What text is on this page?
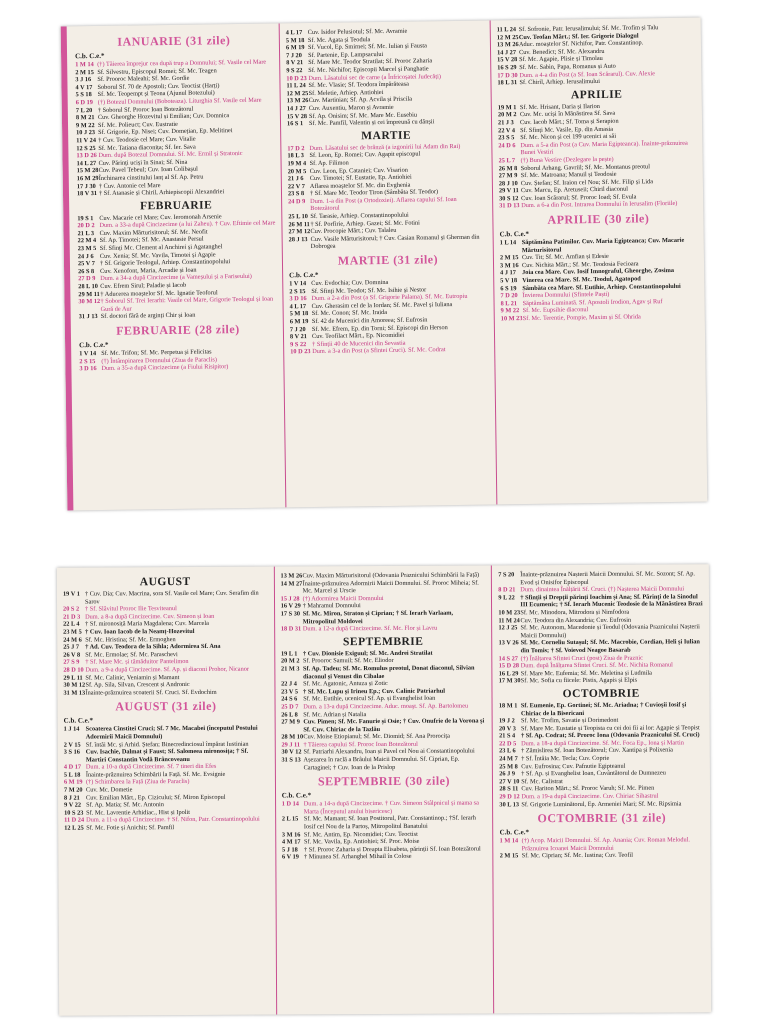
IANUARIE (31 zile)
C.b. C.e.*
1 M 14 (†) Tăierea împrejur cea după trup a Domnului; Sf. Vasile cel Mare
2 M 15 Sf. Silvestru, Episcopul Romei; Sf. Mc. Teagen
3 J 16 Sf. Prooroc Maleahi; Sf. Mc. Gordie
4 V 17 Soborul Sf. 70 de Apostoli; Cuv. Teoctist (Harți)
5 S 18 Sf. Mc. Teopempt și Teona (Ajunul Botezului)
6 D 19 (†) Botezul Domnului (Boboteaza). Liturghia Sf. Vasile cel Mare
7 L 20 † Soborul Sf. Proroc Ioan Botezătorul
8 M 21 Cuv. Gheorghe Hozevitul și Emilian; Cuv. Domnica
9 M 22 Sf. Mc. Polieuct; Cuv. Eustratie
10 J 23 Sf. Grigorie, Ep. Nisei; Cuv. Domețian, Ep. Melitinei
11 V 24 † Cuv. Teodosie cel Mare; Cuv. Vitalie
12 S 25 Sf. Mc. Tatiana diaconița; Sf. Ier. Sava
13 D 26 Dum. după Botezul Domnului. Sf. Mc. Ermil și Stratonic
14 L 27 Cuv. Părinți uciși în Sinai; Sf. Nina
15 M 28 Cuv. Pavel Tebeul; Cuv. Ioan Colibașul
16 M 29 Închinarea cinstitului lanț al Sf. Ap. Petru
17 J 30 † Cuv. Antonie cel Mare
18 V 31 † Sf. Atanasie și Chiril, Arhiepiscopii Alexandriei
FEBRUARIE
19 S 1 Cuv. Macarie cel Mare; Cuv. Ieromonah Arsenie
20 D 2 Dum. a 33-a după Cincizecime (a lui Zaheu). † Cuv. Eftimie cel Mare
21 L 3 Cuv. Maxim Mărturisitorul; Sf. Mc. Neofit
22 M 4 Sf. Ap. Timotei; Sf. Mc. Anastasie Persul
23 M 5 Sf. Sfinți Mc. Clement al Anchirei și Agatanghel
24 J 6 Cuv. Xenia; Sf. Mc. Vavila, Timotei și Agapie
25 V 7 † Sf. Grigorie Teologul, Arhiep. Constantinopolului
26 S 8 Cuv. Xenofont, Maria, Arcadie și Ioan
27 D 9 Dum. a 34-a după Cincizecime (a Vameșului și a Fariseului)
28 L 10 Cuv. Efrem Sirul; Paladie și Iacob
29 M 11 † Aducerea moaștelor Sf. Mc. Ignatie Teoforul
30 M 12 † Soborul Sf. Trei Ierarhi: Vasile cel Mare, Grigorie Teologul și Ioan Gură de Aur
31 J 13 Sf. doctori fără de arginți Chir și Ioan
FEBRUARIE (28 zile)
C.b. C.e.*
1 V 14 Sf. Mc. Trifon; Sf. Mc. Perpetua și Felicitas
2 S 15 (†) Întâmpinarea Domnului (Ziua de Paraclis)
3 D 16 Dum. a 35-a după Cincizecime (a Fiului Risipitor)
4 L 17 Cuv. Isidor Pelusiotul; Sf. Mc. Avramie
5 M 18 Sf. Mc. Agata și Teodula
6 M 19 Sf. Vucol, Ep. Smirnei; Sf. Mc. Iulian și Fausta
7 J 20 Sf. Partenie, Ep. Lampsacului
8 V 21 Sf. Mare Mc. Teodor Stratilat; Sf. Proroc Zaharia
9 S 22 Sf. Mc. Nichifor; Episcopii Marcel și Panghatie
10 D 23 Dum. Lăsatului sec de carne (a Înfricoșatei Judecăți)
11 L 24 Sf. Mc. Vlasie; Sf. Teodora împărăteasa
12 M 25 Sf. Meletie, Arhiep. Antiohiei
13 M 26 Cuv. Martinian; Sf. Ap. Acvila și Priscila
14 J 27 Cuv. Auxentiu, Maron și Avramie
15 V 28 Sf. Ap. Onisim; Sf. Mc. Mare Mc. Eusebiu
16 S 1 Sf. Mc. Pamfil, Valentin și cei împreună cu dânșii
MARTIE
17 D 2 Dum. Lăsatului sec de brânză (a izgonirii lui Adam din Rai)
18 L 3 Sf. Leon, Ep. Romei; Cuv. Agapit episcopul
19 M 4 Sf. Ap. Filimon
20 M 5 Cuv. Leon, Ep. Cataniei; Cuv. Visarion
21 J 6 Cuv. Timotei; Sf. Eustatie, Ep. Antiohiei
22 V 7 Aflarea moaștelor Sf. Mc. din Evghenia
23 S 8 † Sf. Mare Mc. Teodor Tiron (Sâmbăta Sf. Teodor)
24 D 9 Dum. 1-a din Post (a Ortodoxiei). Aflarea capului Sf. Ioan Botezătorul
25 L 10 Sf. Tarasie, Arhiep. Constantinopolului
26 M 11 † Sf. Porfirie, Arhiep. Gazei; Sf. Mc. Fotini
27 M 12 Cuv. Procopie Mărt.; Cuv. Talaleu
28 J 13 Cuv. Vasile Mărturisitorul; † Cuv. Casian Romanul și Gherman din Dobrogea
MARTIE (31 zile)
C.b. C.e.*
1 V 14 Cuv. Evdochia; Cuv. Domnina
2 S 15 Sf. Sfinți Mc. Teodot; Sf. Mc. Isihie și Nestor
3 D 16 Dum. a 2-a din Post (a Sf. Grigorie Palama). Sf. Mc. Eutropiu
4 L 17 Cuv. Gherasim cel de la Iordan; Sf. Mc. Pavel și Iuliana
5 M 18 Sf. Mc. Conon; Sf. Mc. Iraida
6 M 19 Sf. 42 de Mucenici din Amoreea; Sf. Eufrosin
7 J 20 Sf. Mc. Efrem, Ep. din Torni; Sf. Episcopi din Herson
8 V 21 Cuv. Teofilact Mărt., Ep. Nicomidiei
9 S 22 † Sfinții 40 de Mucenici din Sevastia
10 D 23 Dum. a 3-a din Post (a Sfintei Cruci). Sf. Mc. Codrat
11 L 24 Sf. Sofronie, Patr. Ierusalimului; Sf. Mc. Trofim și Talu
12 M 25 Cuv. Teofan Mărt.; Sf. Ier. Grigorie Dialogul
13 M 26 Aduc. moaștelor Sf. Nichifor, Patr. Constantinop.
14 J 27 Cuv. Benedict; Sf. Mc. Alexandru
15 V 28 Sf. Mc. Agapie, Plisie și Timolau
16 S 29 Sf. Mc. Sabin, Papa, Romanus și Auto
17 D 30 Dum. a 4-a din Post (a Sf. Ioan Scărarul). Cuv. Alexie
18 L 31 Sf. Chiril, Arhiep. Ierusalimului
APRILIE
19 M 1 Sf. Mc. Hrisant, Daria și Ilarion
20 M 2 Cuv. Mc. uciși în Mănăstirea Sf. Sava
21 J 3 Cuv. Iacob Mărt.; Sf. Toma și Serapion
22 V 4 Sf. Sfinți Mc. Vasile, Ep. din Amasia
23 S 5 Sf. Mc. Nicon și cei 199 ucenici ai săi
24 D 6 Dum. a 5-a din Post (a Cuv. Maria Egipteanca). Înainte-prăznuirea Bunei Vestiri
25 L 7 (†) Buna Vestire (Dezlegare la pește)
26 M 8 Soborul Arhang. Gavriil; Sf. Mc. Montanus preotul
27 M 9 Sf. Mc. Matroana; Manuil și Teodosie
28 J 10 Cuv. Ștefan; Sf. Iraion cel Nou; Sf. Mc. Filip și Lida
29 V 11 Cuv. Marcu, Ep. Aretuseii; Chiril diaconul
30 S 12 Cuv. Ioan Scărarul; Sf. Proroc Ioad; Sf. Evula
31 D 13 Dum. a 6-a din Post. Intrarea Domnului în Ierusalim (Floriile)
APRILIE (30 zile)
C.b. C.e.*
1 L 14 Săptămâna Patimilor. Cuv. Maria Egipteanca; Cuv. Macarie Mărturisitorul
2 M 15 Cuv. Tit; Sf. Mc. Amfian și Edesie
3 M 16 Cuv. Nichita Mărt.; Sf. Mc. Teodosia Fecioara
4 J 17 Joia cea Mare. Cuv. Iosif Imnograful, Gheorghe, Zosima
5 V 18 Vinerea cea Mare. Sf. Mc. Teodul, Agatopod
6 S 19 Sâmbăta cea Mare. Sf. Eutihie, Arhiep. Constantinopolului
7 D 20 Învierea Domnului (Sfintele Paști)
8 L 21 Săptămâna Luminată. Sf. Apostoli Irodion, Agav și Ruf
9 M 22 Sf. Mc. Eupsihie diaconul
10 M 23 Sf. Mc. Terentie, Pompie, Maxim și Sf. Ohrida
AUGUST
19 V 1 † Cuv. Dia; Cuv. Macrina, sora Sf. Vasile cel Mare; Cuv. Serafim din Sarov
20 S 2 † Sf. Slăvitul Proroc Ilie Tesviteanul
21 D 3 Dum. a 8-a după Cincizecime. Cuv. Simeon și Ioan
22 L 4 † Sf. mironosiță Maria Magdalena; Cuv. Marcela
23 M 5 † Cuv. Ioan Iacob de la Neamț-Hozevitul
24 M 6 Sf. Mc. Hristina; Sf. Mc. Ermoghen
25 J 7 † Ad. Cuv. Teodora de la Sihla; Adormirea Sf. Ana
26 V 8 Sf. Mc. Ermolae; Sf. Mc. Paraschevi
27 S 9 † Sf. Mare Mc. și tămăduitor Pantelimon
28 D 10 Dum. a 9-a după Cincizecime. Sf. Ap. și diaconi Prohor, Nicanor
29 L 11 Sf. Mc. Calinic, Veniamin și Mamant
30 M 12 Sf. Ap. Sila, Silvan, Crescent și Andronic
31 M 13 Înainte-prăznuirea scoaterii Sf. Cruci. Sf. Evdochim
AUGUST (31 zile)
C.b. C.e.*
1 J 14 Scoaterea Cinstitei Cruci; Sf. 7 Mc. Macabei (începutul Postului Adormirii Maicii Domnului)
2 V 15 Sf. întâi Mc. și Arhid. Ștefan; Binecredinciosul împărat Iustinian
3 S 16 Cuv. Isachie, Dalmat și Faust; Sf. Salomeea mironosița; † Sf. Martiri Constantin Vodă Brâncoveanu
4 D 17 Dum. a 10-a după Cincizecime. Sf. 7 tineri din Efes
5 L 18 Înainte-prăznuirea Schimbării la Față. Sf. Mc. Evsignie
6 M 19 (†) Schimbarea la Față (Ziua de Paraclis)
7 M 20 Cuv. Mc. Dometie
8 J 21 Cuv. Emilian Mărt., Ep. Cizicului; Sf. Miron Episcopul
9 V 22 Sf. Ap. Matia; Sf. Mc. Antonin
10 S 23 Sf. Mc. Lavrentie Arhidiac., Hist și Ipolit
11 D 24 Dum. a 11-a după Cincizecime. † Sf. Nifon, Patr. Constantinopolului
12 L 25 Sf. Mc. Fotie și Anichit; Sf. Pamfil
13 M 26 Cuv. Maxim Mărturisitorul (Odovania Praznicului Schimbării la Față)
14 M 27 Înainte-prăznuirea Adormirii Maicii Domnului. Sf. Proroc Miheia; Sf. Mc. Marcel și Urscie
15 J 28 (†) Adormirea Maicii Domnului
16 V 29 † Mahramul Domnului
17 S 30 Sf. Mc. Miron, Straton și Ciprian; † Sf. Ierarh Varlaam, Mitropolitul Moldovei
18 D 31 Dum. a 12-a după Cincizecime. Sf. Mc. Flor și Lavru
SEPTEMBRIE
19 L 1 † Cuv. Dionisie Exiguul; Sf. Mc. Andrei Stratilat
20 M 2 Sf. Prooroc Samuil; Sf. Mc. Eliodor
21 M 3 Sf. Ap. Tadeu; Sf. Mc. Romulus preotul, Donat diaconul, Silvian diaconul și Venust din Cibalae
22 J 4 Sf. Mc. Agatonic, Antuza și Zotic
23 V 5 † Sf. Mc. Lupu și Irineu Ep.; Cuv. Calinic Patriarhul
24 S 6 Sf. Mc. Eutihie, ucenicul Sf. Ap. și Evanghelist Ioan
25 D 7 Dum. a 13-a după Cincizecime. Aduc. moaşt. Sf. Ap. Bartolomeu
26 L 8 Sf. Mc. Adrian și Natalia
27 M 9 Cuv. Pimen; Sf. Mc. Fanurie și Osie; † Cuv. Onufrie de la Vorona și Sf. Cuv. Chiriac de la Tazlău
28 M 10 Cuv. Moise Etiopianul; Sf. Mc. Diomid; Sf. Ana Prorocița
29 J 11 † Tăierea capului Sf. Proroc Ioan Botezătorul
30 V 12 Sf. Patriarhi Alexandru, Ioan și Pavel cel Nou ai Constantinopolului
31 S 13 Așezarea în raclă a Brâului Maicii Domnului. Sf. Ciprian, Ep. Cartaginei; † Cuv. Ioan de la Prislop
SEPTEMBRIE (30 zile)
C.b. C.e.*
1 D 14 Dum. a 14-a după Cincizecime. † Cuv. Simeon Stâlpnicul și mama sa Marta (Începutul anului bisericesc)
2 L 15 Sf. Mc. Mamant; Sf. Ioan Postitorul, Patr. Constantinop.; †Sf. Ierarh Iosif cel Nou de la Partoș, Mitropolitul Banatului
3 M 16 Sf. Mc. Antim, Ep. Nicomidiei; Cuv. Teoctist
4 M 17 Sf. Mc. Vavila, Ep. Antiohiei; Sf. Proc. Moise
5 J 18 † Sf. Proroc Zaharia și Dreapta Elisabeta, părinții Sf. Ioan Botezătorul
6 V 19 † Minunea Sf. Arhanghel Mihail în Colose
7 S 20 Înainte-prăznuirea Nașterii Maicii Domnului. Sf. Mc. Sozont; Sf. Ap. Evod și Onisifor Episcopul
8 D 21 Dum. dinaintea Înălțării Sf. Cruci. (†) Nașterea Maicii Domnului
9 L 22 † Sfinții și Drepții părinți Ioachim și Ana; Sf. Părinți de la Sinodul III Ecumenic; † Sf. Ierarh Mucenic Teodosie de la Mănăstirea Brazi
10 M 23 Sf. Mc. Minodora, Mitrodora și Nimfodora
11 M 24 Cuv. Teodora din Alexandria; Cuv. Eufrosin
12 J 25 Sf. Mc. Autonom, Macedonie și Teodul (Odovania Praznicului Nașterii Maicii Domnului)
13 V 26 Sf. Mc. Corneliu Sutașul; Sf. Mc. Macrobie, Cordian, Heli și Iulian din Tomis; † Sf. Voievod Neagoe Basarab
14 S 27 (†) Înălțarea Sfintei Cruci (post) Ziua de Praznic
15 D 28 Dum. după Înălțarea Sfintei Cruci. Sf. Mc. Nichita Romanul
16 L 29 Sf. Mare Mc. Eufemia; Sf. Mc. Meletina și Ludmila
17 M 30 Sf. Mc. Sofia cu fiicele: Pistis, Agapis și Elpis
OCTOMBRIE
18 M 1 Sf. Eumenie, Ep. Gortinei; Sf. Mc. Ariadna; † Cuvioșii Iosif și Chiriac de la Bisericani
19 J 2 Sf. Mc. Trofim, Savatie și Dorimedont
20 V 3 Sf. Mare Mc. Eustatie și Teopista cu cei doi fii ai lor: Agapie și Teopist
21 S 4 † Sf. Ap. Codrat; Sf. Proroc Iona (Odovania Praznicului Sf. Cruci)
22 D 5 Dum. a 18-a după Cincizecime. Sf. Mc. Foca Ep., Iona și Martin
23 L 6 † Zămislirea Sf. Ioan Botezătorul; Cuv. Xantipa și Polixenia
24 M 7 † Sf. Întâia Mc. Tecla; Cuv. Coprie
25 M 8 Cuv. Eufrosina; Cuv. Pafnutie Egipteanul
26 J 9 † Sf. Ap. și Evanghelist Ioan, Cuvântătorul de Dumnezeu
27 V 10 Sf. Mc. Calistrat
28 S 11 Cuv. Hariton Mărt.; Sf. Proroc Varuh; Sf. Mc. Pimen
29 D 12 Dum. a 19-a după Cincizecime. Cuv. Chiriac Sihastrul
30 L 13 Sf. Grigorie Luminătorul, Ep. Armeniei Mari; Sf. Mc. Ripsimia
OCTOMBRIE (31 zile)
C.b. C.e.*
1 M 14 (†) Acop. Maicii Domnului. Sf. Ap. Anania; Cuv. Roman Melodul. Prăznuirea Icoanei Maicii Domnului
2 M 15 Sf. Mc. Ciprian; Sf. Mc. Iustina; Cuv. Teofil
